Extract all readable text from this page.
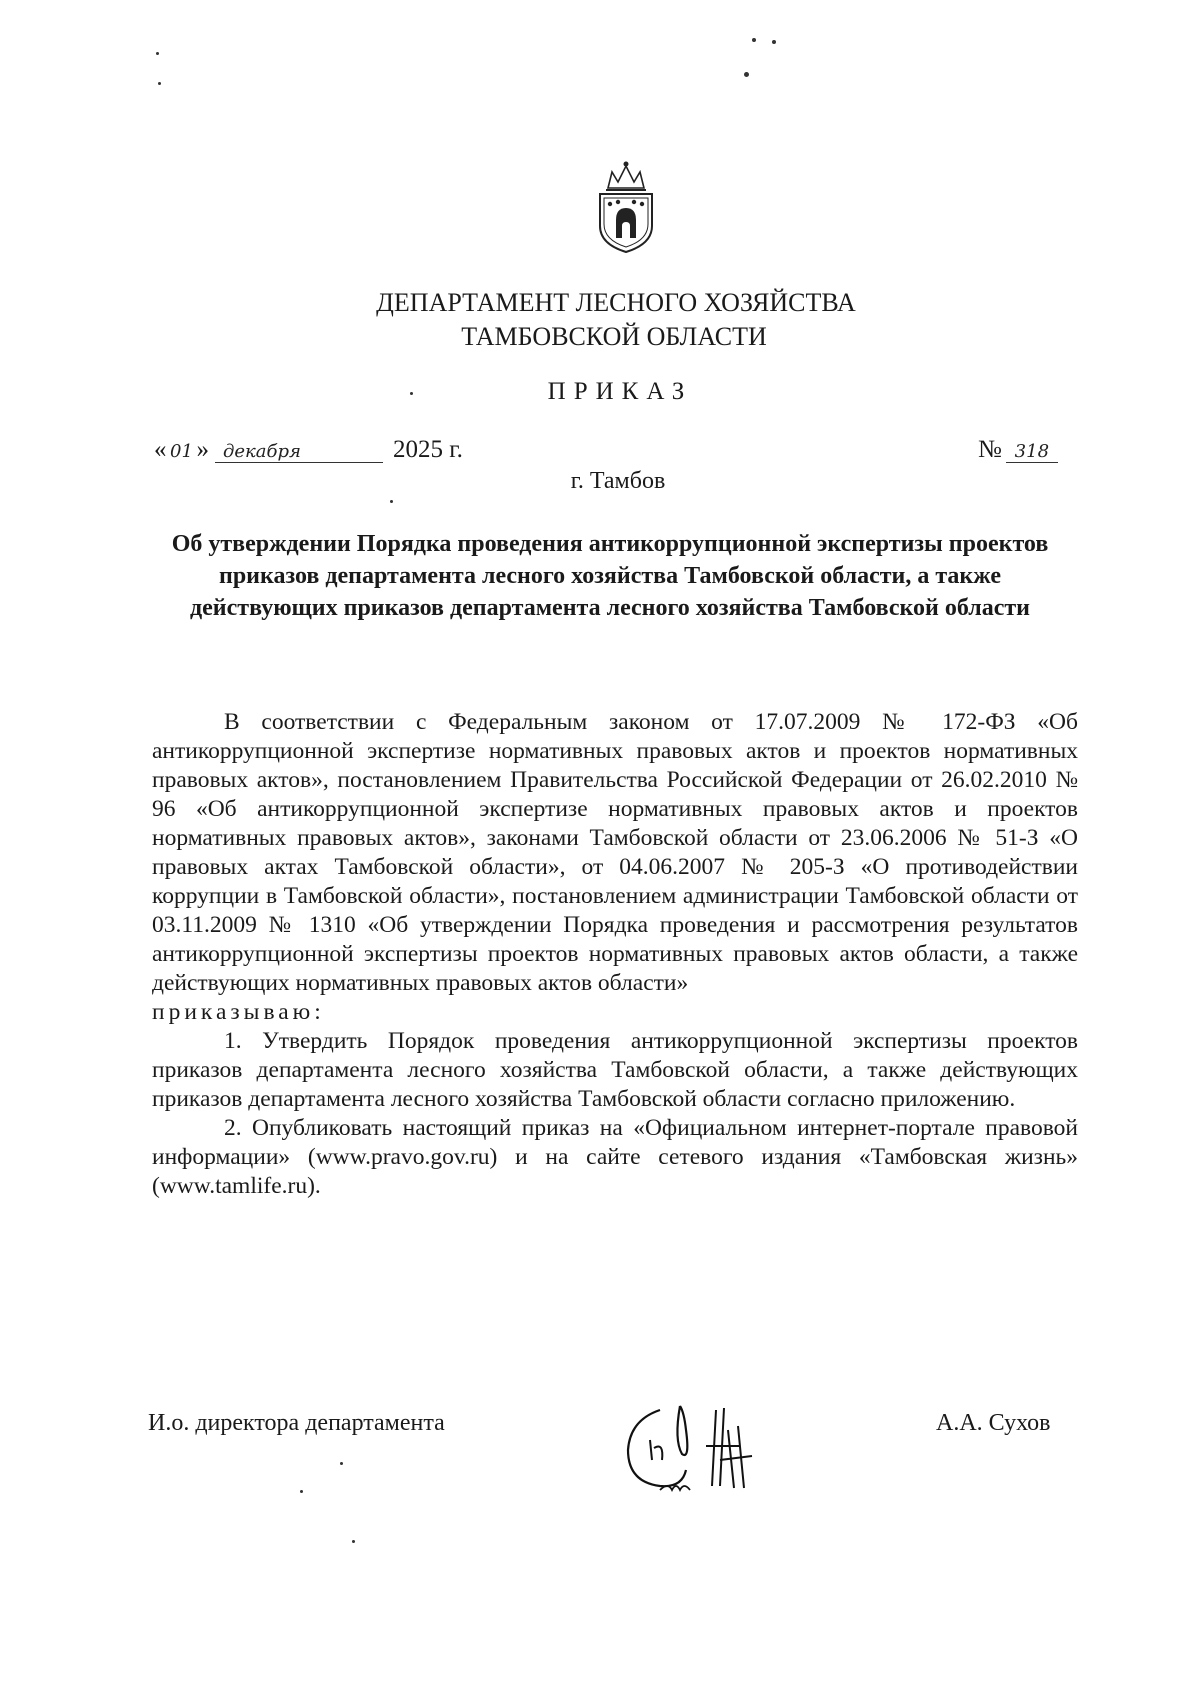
ДЕПАРТАМЕНТ ЛЕСНОГО ХОЗЯЙСТВА
ТАМБОВСКОЙ ОБЛАСТИ
ПРИКАЗ
« 01 » декабря	2025 г.	№ 318
г. Тамбов
Об утверждении Порядка проведения антикоррупционной экспертизы проектов приказов департамента лесного хозяйства Тамбовской области, а также действующих приказов департамента лесного хозяйства Тамбовской области

В соответствии с Федеральным законом от 17.07.2009 № 172-ФЗ «Об антикоррупционной экспертизе нормативных правовых актов и проектов нормативных правовых актов», постановлением Правительства Российской Федерации от 26.02.2010 № 96 «Об антикоррупционной экспертизе нормативных правовых актов и проектов нормативных правовых актов», законами Тамбовской области от 23.06.2006 № 51-З «О правовых актах Тамбовской области», от 04.06.2007 № 205-З «О противодействии коррупции в Тамбовской области», постановлением администрации Тамбовской области от 03.11.2009 № 1310 «Об утверждении Порядка проведения и рассмотрения результатов антикоррупционной экспертизы проектов нормативных правовых актов области, а также действующих нормативных правовых актов области»

приказываю:

1. Утвердить Порядок проведения антикоррупционной экспертизы проектов приказов департамента лесного хозяйства Тамбовской области, а также действующих приказов департамента лесного хозяйства Тамбовской области согласно приложению.

2. Опубликовать настоящий приказ на «Официальном интернет-портале правовой информации» (www.pravo.gov.ru) и на сайте сетевого издания «Тамбовская жизнь» (www.tamlife.ru).

И.о. директора департамента	А.А. Сухов
